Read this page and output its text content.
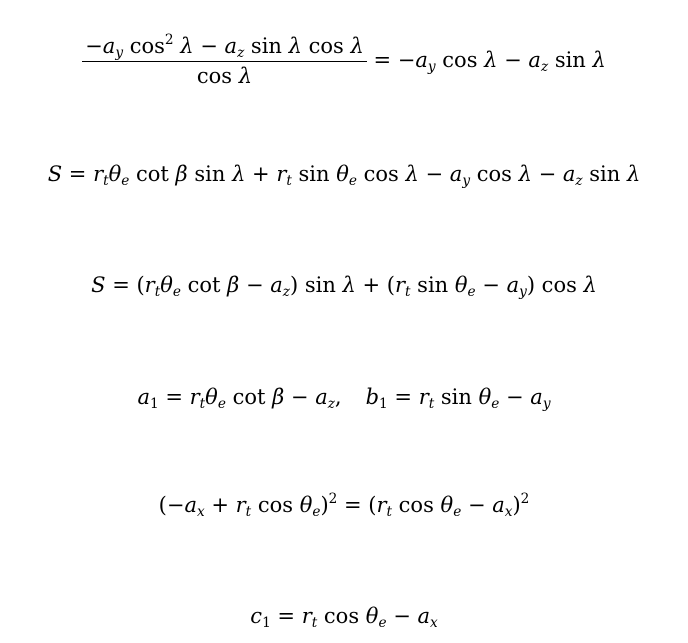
$\frac{-a_y \cos^2 \lambda - a_z \sin \lambda \cos \lambda}{\text{cos λ}} = -a_y$ $\cos \lambda - a_z$ sin λ
$S = r_t\theta_e$ cot β $\sin \lambda + r_t$ $\sin \theta_e$ $\cos \lambda - a_y$ $\cos \lambda - a_z$ sin λ
$S = (r_t\theta_e$ $\cot \beta - a_z$) $\sin \lambda + (r_t$ $\sin \theta_e - a_y$) cos λ
$a_1 = r_t\theta_e$ $\cot \beta - a_z$, $b_1 = r_t$ $\sin \theta_e - a_y$
($-a_x + r_t$ $\cos \theta_e)^2 = (r_t$ $\cos \theta_e - a_x)^2$
$c_1 = r_t$ $\cos \theta_e - a_x$
